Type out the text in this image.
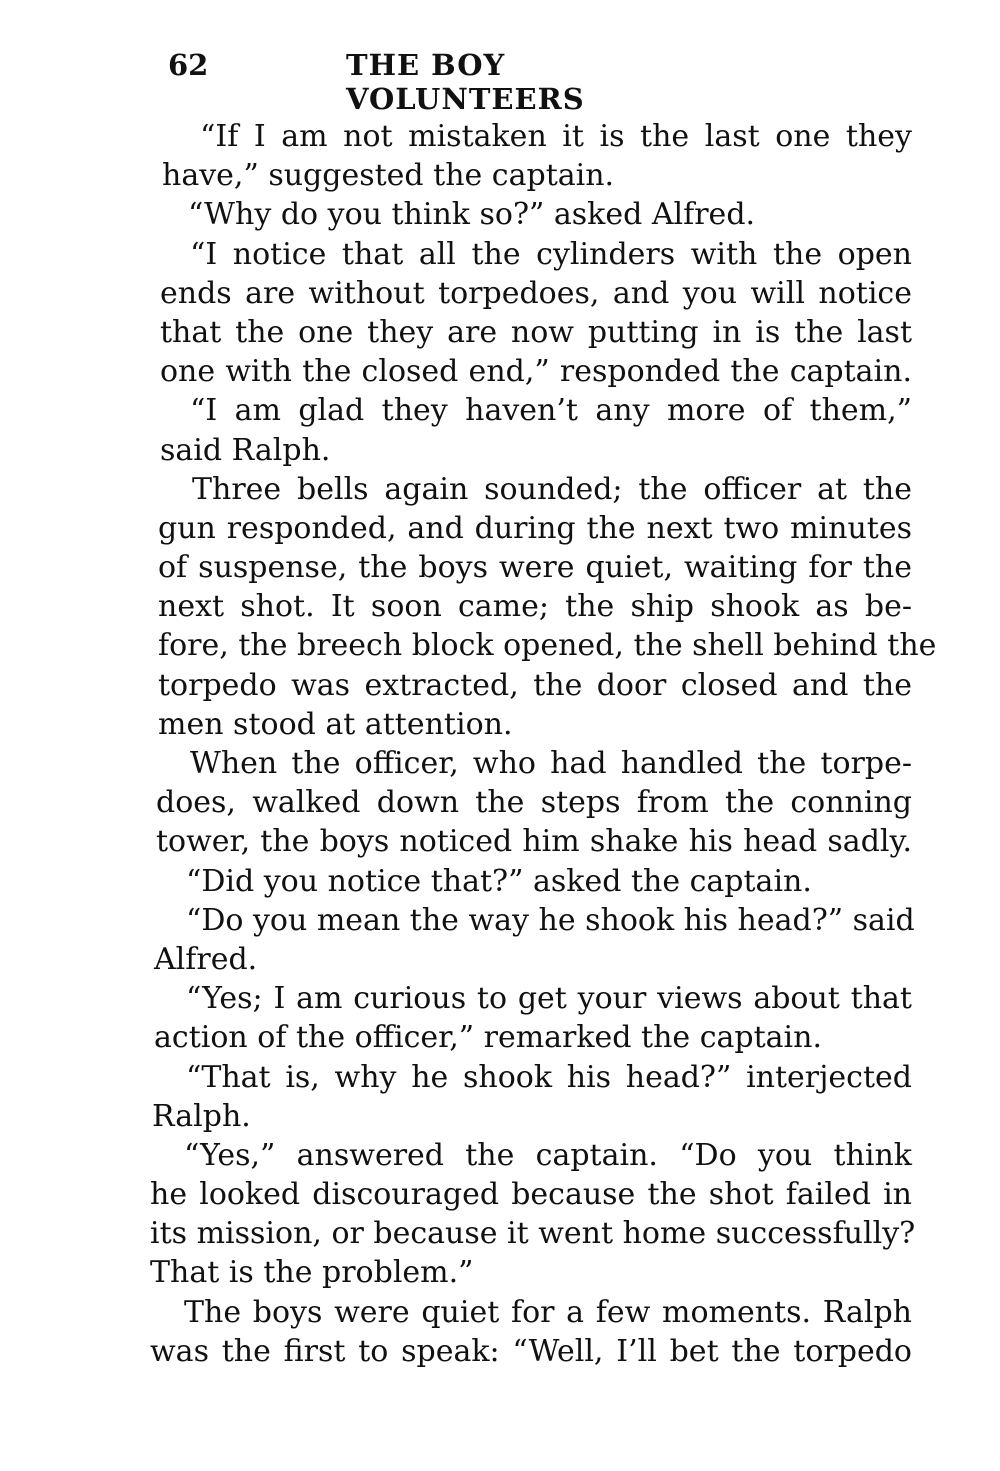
62	THE BOY VOLUNTEERS
“If I am not mistaken it is the last one they
have,” suggested the captain.
“Why do you think so?” asked Alfred.
“I notice that all the cylinders with the open
ends are without torpedoes, and you will notice
that the one they are now putting in is the last
one with the closed end,” responded the captain.
“I am glad they haven’t any more of them,”
said Ralph.
Three bells again sounded; the officer at the
gun responded, and during the next two minutes
of suspense, the boys were quiet, waiting for the
next shot. It soon came; the ship shook as be-
fore, the breech block opened, the shell behind the
torpedo was extracted, the door closed and the
men stood at attention.
When the officer, who had handled the torpe-
does, walked down the steps from the conning
tower, the boys noticed him shake his head sadly.
“Did you notice that?” asked the captain.
“Do you mean the way he shook his head?” said
Alfred.
“Yes; I am curious to get your views about that
action of the officer,” remarked the captain.
“That is, why he shook his head?” interjected
Ralph.
“Yes,” answered the captain. “Do you think
he looked discouraged because the shot failed in
its mission, or because it went home successfully?
That is the problem.”
The boys were quiet for a few moments. Ralph
was the first to speak: “Well, I’ll bet the torpedo
